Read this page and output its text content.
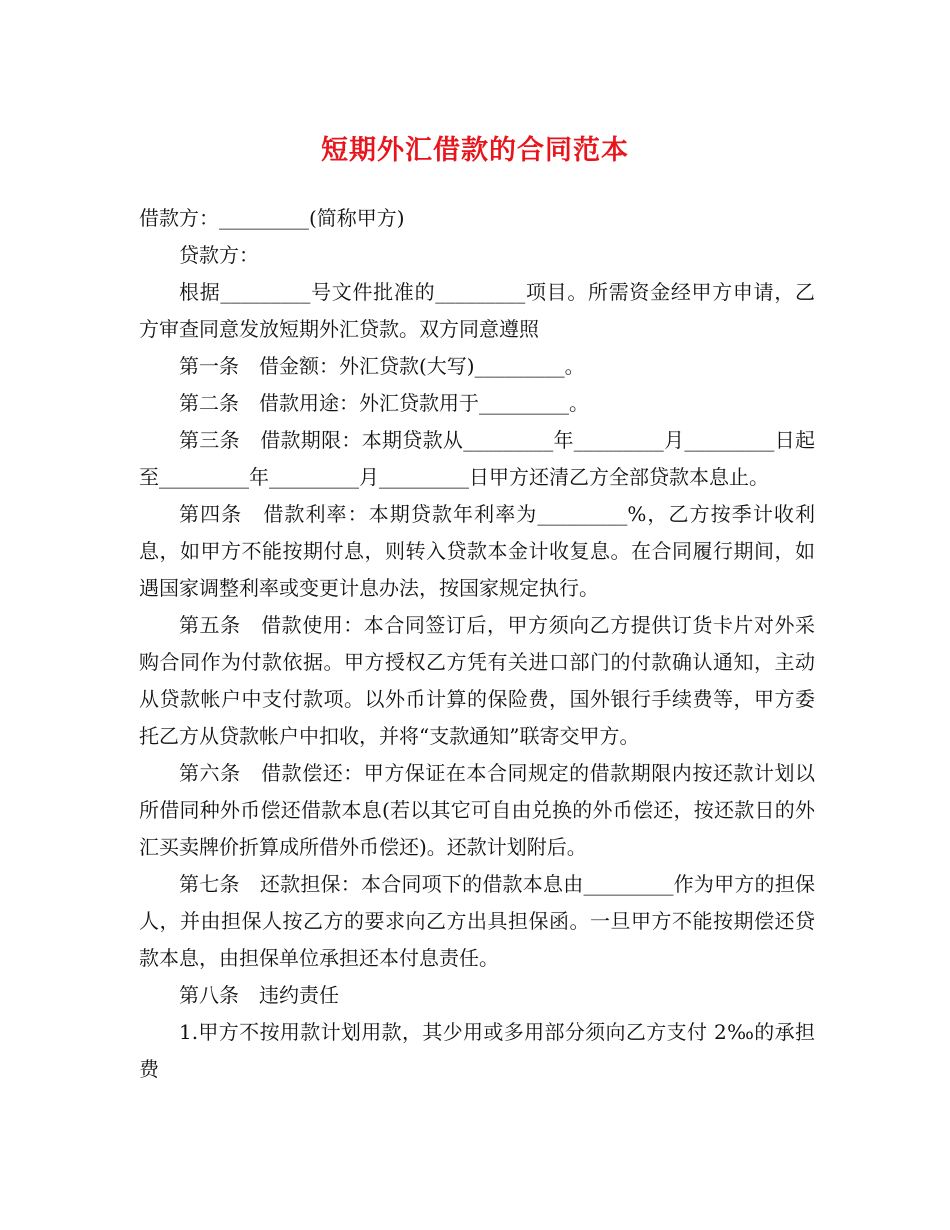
短期外汇借款的合同范本

借款方：_________(简称甲方)

贷款方：

根据_________号文件批准的_________项目。所需资金经甲方申请，乙方审查同意发放短期外汇贷款。双方同意遵照

第一条　借金额：外汇贷款(大写)_________。

第二条　借款用途：外汇贷款用于_________。

第三条　借款期限：本期贷款从_________年_________月_________日起至_________年_________月_________日甲方还清乙方全部贷款本息止。

第四条　借款利率：本期贷款年利率为_________%，乙方按季计收利息，如甲方不能按期付息，则转入贷款本金计收复息。在合同履行期间，如遇国家调整利率或变更计息办法，按国家规定执行。

第五条　借款使用：本合同签订后，甲方须向乙方提供订货卡片对外采购合同作为付款依据。甲方授权乙方凭有关进口部门的付款确认通知，主动从贷款帐户中支付款项。以外币计算的保险费，国外银行手续费等，甲方委托乙方从贷款帐户中扣收，并将“支款通知”联寄交甲方。

第六条　借款偿还：甲方保证在本合同规定的借款期限内按还款计划以所借同种外币偿还借款本息(若以其它可自由兑换的外币偿还，按还款日的外汇买卖牌价折算成所借外币偿还)。还款计划附后。

第七条　还款担保：本合同项下的借款本息由_________作为甲方的担保人，并由担保人按乙方的要求向乙方出具担保函。一旦甲方不能按期偿还贷款本息，由担保单位承担还本付息责任。

第八条　违约责任

1.甲方不按用款计划用款，其少用或多用部分须向乙方支付 2‰的承担费
